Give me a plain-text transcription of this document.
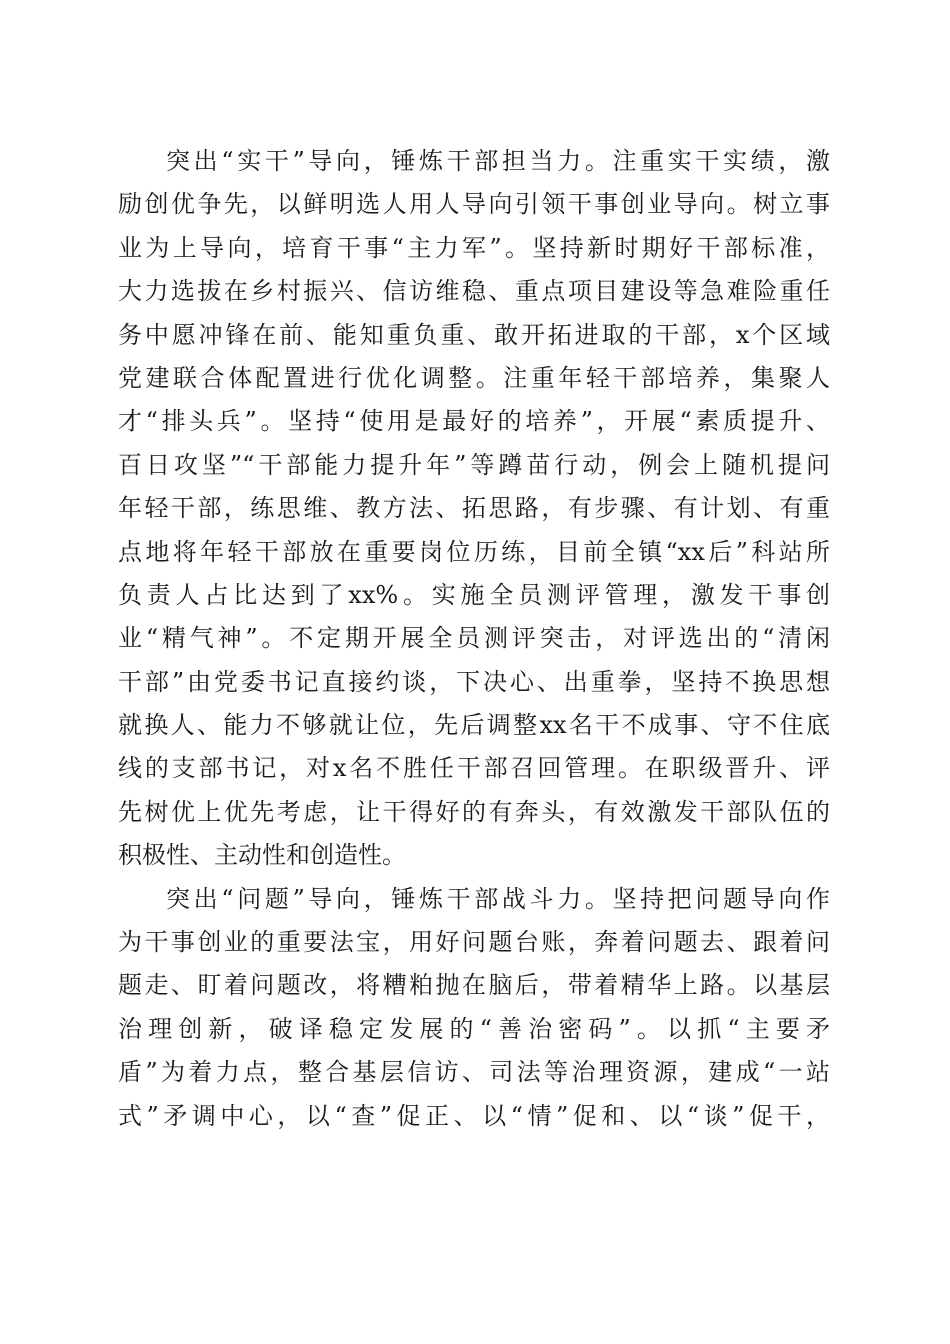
突出“实干”导向，锤炼干部担当力。注重实干实绩，激
励创优争先，以鲜明选人用人导向引领干事创业导向。树立事
业为上导向，培育干事“主力军”。坚持新时期好干部标准，
大力选拔在乡村振兴、信访维稳、重点项目建设等急难险重任
务中愿冲锋在前、能知重负重、敢开拓进取的干部，x个区域
党建联合体配置进行优化调整。注重年轻干部培养，集聚人
才“排头兵”。坚持“使用是最好的培养”，开展“素质提升、
百日攻坚”“干部能力提升年”等蹲苗行动，例会上随机提问
年轻干部，练思维、教方法、拓思路，有步骤、有计划、有重
点地将年轻干部放在重要岗位历练，目前全镇“xx后”科站所
负责人占比达到了xx%。实施全员测评管理，激发干事创
业“精气神”。不定期开展全员测评突击，对评选出的“清闲
干部”由党委书记直接约谈，下决心、出重拳，坚持不换思想
就换人、能力不够就让位，先后调整xx名干不成事、守不住底
线的支部书记，对x名不胜任干部召回管理。在职级晋升、评
先树优上优先考虑，让干得好的有奔头，有效激发干部队伍的
积极性、主动性和创造性。
突出“问题”导向，锤炼干部战斗力。坚持把问题导向作
为干事创业的重要法宝，用好问题台账，奔着问题去、跟着问
题走、盯着问题改，将糟粕抛在脑后，带着精华上路。以基层
治理创新，破译稳定发展的“善治密码”。以抓“主要矛
盾”为着力点，整合基层信访、司法等治理资源，建成“一站
式”矛调中心，以“查”促正、以“情”促和、以“谈”促干，
